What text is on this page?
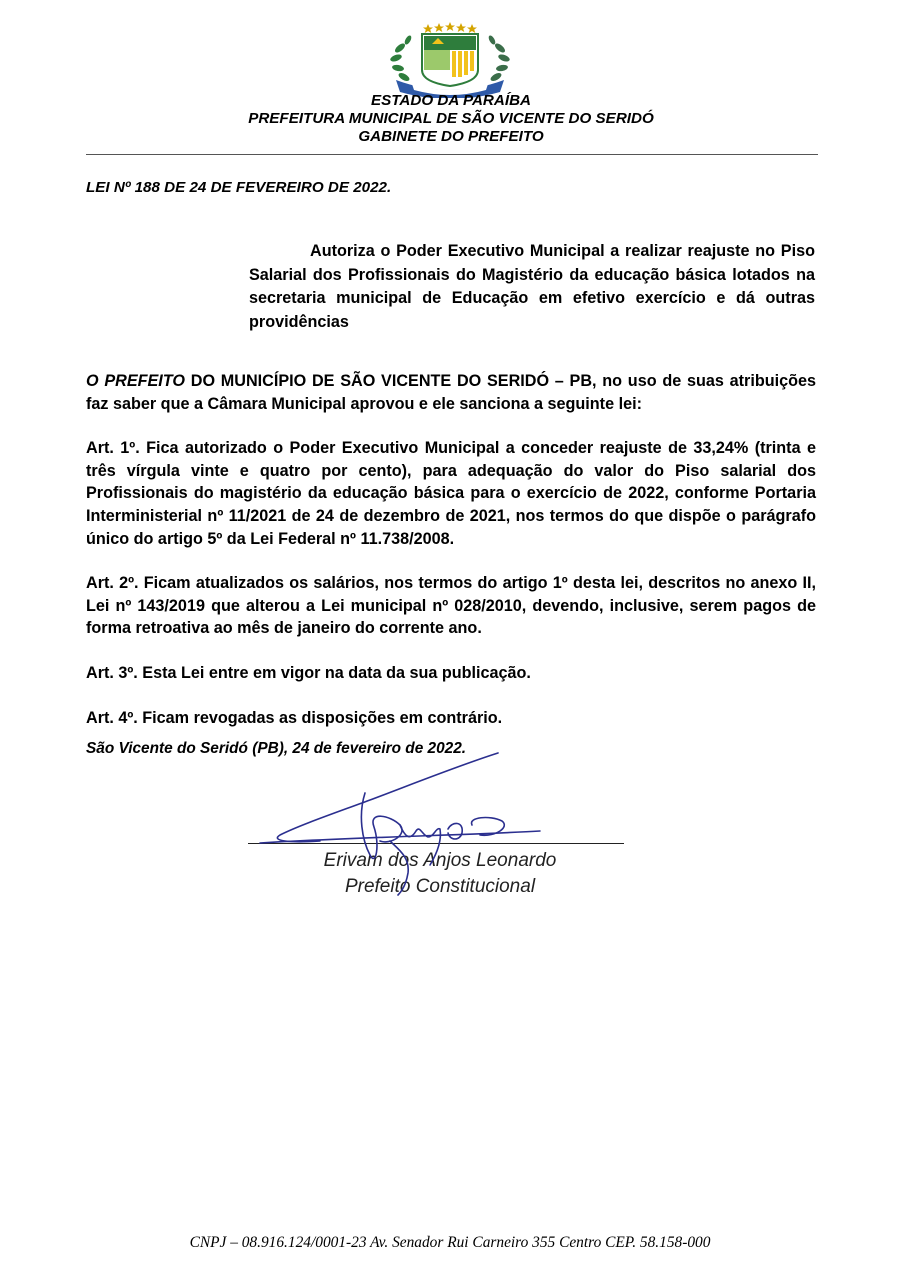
ESTADO DA PARAÍBA
PREFEITURA MUNICIPAL DE SÃO VICENTE DO SERIDÓ
GABINETE DO PREFEITO
LEI Nº 188 DE 24 DE FEVEREIRO DE 2022.
Autoriza o Poder Executivo Municipal a realizar reajuste no Piso Salarial dos Profissionais do Magistério da educação básica lotados na secretaria municipal de Educação em efetivo exercício e dá outras providências

O PREFEITO DO MUNICÍPIO DE SÃO VICENTE DO SERIDÓ – PB, no uso de suas atribuições faz saber que a Câmara Municipal aprovou e ele sanciona a seguinte lei:

Art. 1º. Fica autorizado o Poder Executivo Municipal a conceder reajuste de 33,24% (trinta e três vírgula vinte e quatro por cento), para adequação do valor do Piso salarial dos Profissionais do magistério da educação básica para o exercício de 2022, conforme Portaria Interministerial nº 11/2021 de 24 de dezembro de 2021, nos termos do que dispõe o parágrafo único do artigo 5º da Lei Federal nº 11.738/2008.

Art. 2º. Ficam atualizados os salários, nos termos do artigo 1º desta lei, descritos no anexo II, Lei nº 143/2019 que alterou a Lei municipal nº 028/2010, devendo, inclusive, serem pagos de forma retroativa ao mês de janeiro do corrente ano.

Art. 3º. Esta Lei entre em vigor na data da sua publicação.

Art. 4º. Ficam revogadas as disposições em contrário.

São Vicente do Seridó (PB), 24 de fevereiro de 2022.
Erivam dos Anjos Leonardo
Prefeito Constitucional
CNPJ – 08.916.124/0001-23 Av. Senador Rui Carneiro 355 Centro CEP. 58.158-000
